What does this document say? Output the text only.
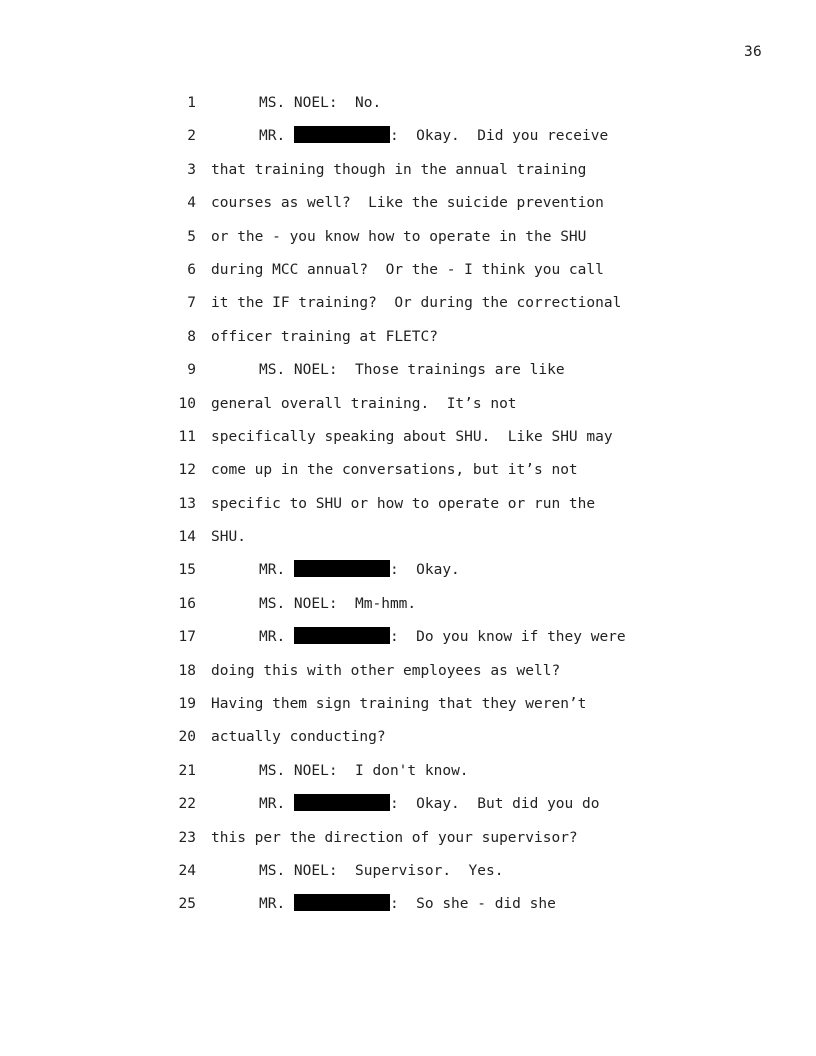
36
1	MS. NOEL:  No.
2	MR.	:  Okay.  Did you receive
3 that training though in the annual training
4 courses as well?  Like the suicide prevention
5 or the - you know how to operate in the SHU
6 during MCC annual?  Or the - I think you call
7 it the IF training?  Or during the correctional
8 officer training at FLETC?
9	MS. NOEL:  Those trainings are like
10 general overall training.  It’s not
11 specifically speaking about SHU.  Like SHU may
12 come up in the conversations, but it’s not
13 specific to SHU or how to operate or run the
14 SHU.
15	MR.	:  Okay.
16	MS. NOEL:  Mm-hmm.
17	MR.	:  Do you know if they were
18 doing this with other employees as well?
19 Having them sign training that they weren’t
20 actually conducting?
21	MS. NOEL:  I don't know.
22	MR.	:  Okay.  But did you do
23 this per the direction of your supervisor?
24	MS. NOEL:  Supervisor.  Yes.
25	MR.	:  So she - did she
